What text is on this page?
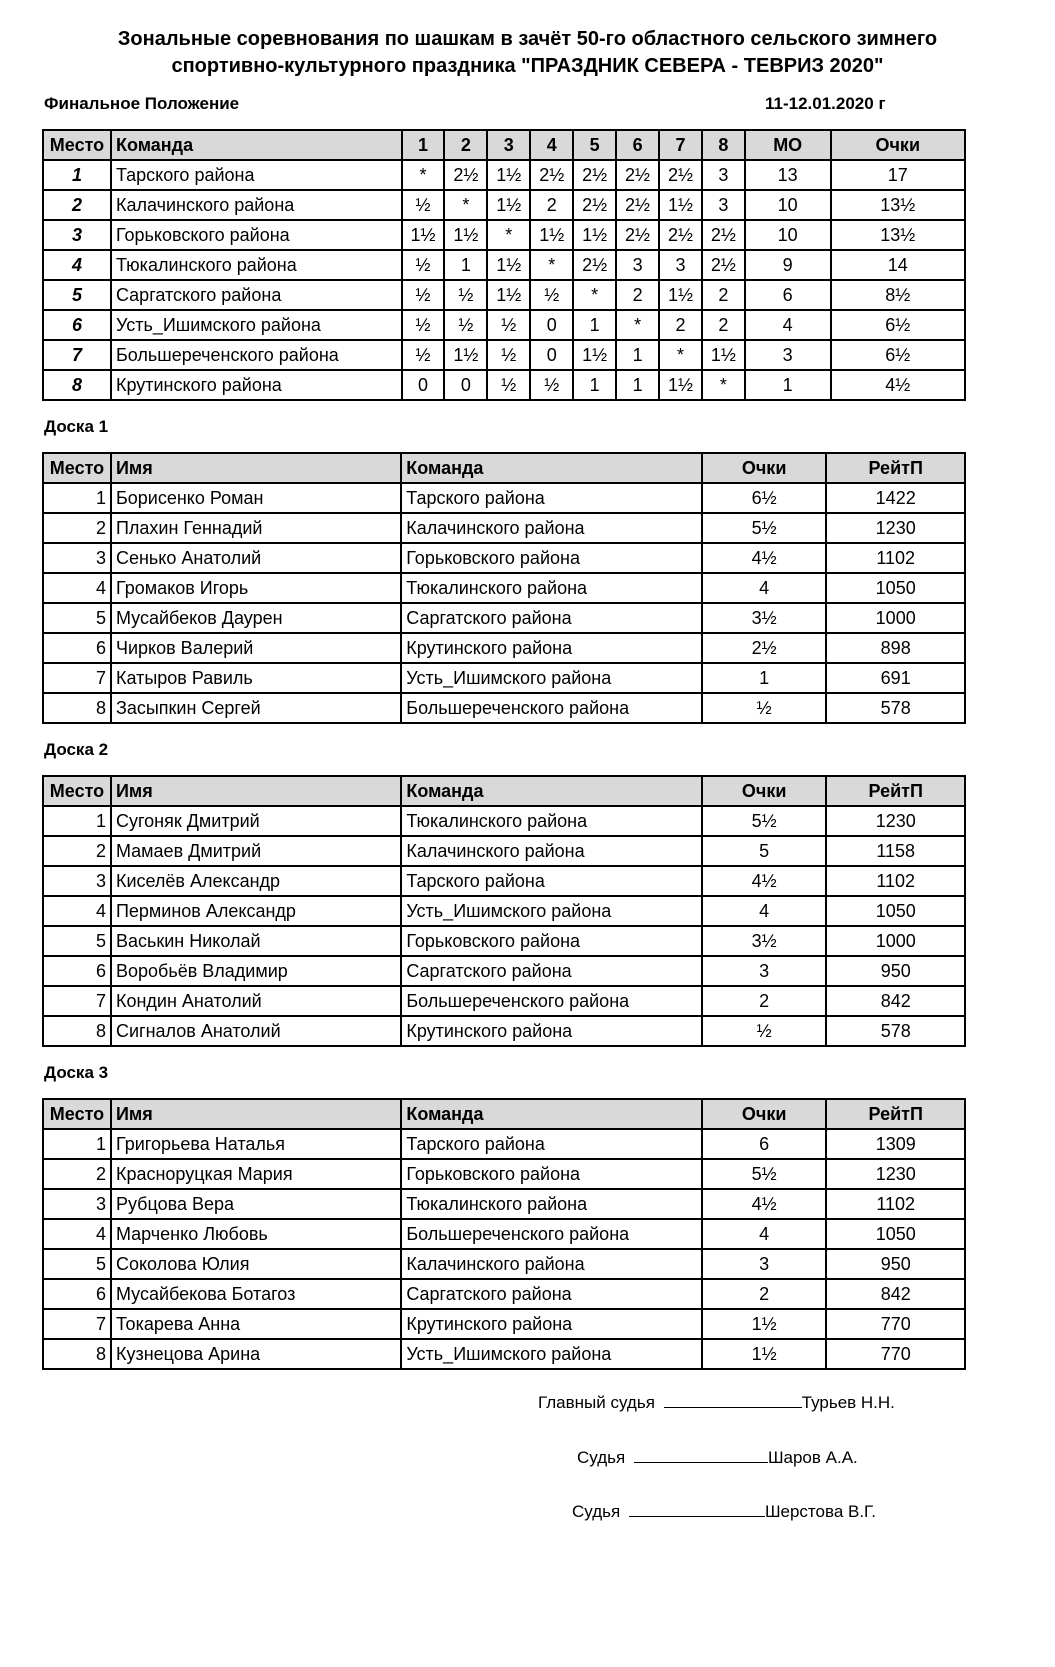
Зональные соревнования по шашкам в зачёт 50-го областного сельского зимнего
спортивно-культурного праздника "ПРАЗДНИК СЕВЕРА - ТЕВРИЗ 2020"
Финальное Положение	11-12.01.2020 г
Место	Команда	1	2	3	4	5	6	7	8	МО	Очки
1	Тарского района	*	2½	1½	2½	2½	2½	2½	3	13	17
2	Калачинского района	½	*	1½	2	2½	2½	1½	3	10	13½
3	Горьковского района	1½	1½	*	1½	1½	2½	2½	2½	10	13½
4	Тюкалинского района	½	1	1½	*	2½	3	3	2½	9	14
5	Саргатского района	½	½	1½	½	*	2	1½	2	6	8½
6	Усть_Ишимского района	½	½	½	0	1	*	2	2	4	6½
7	Большереченского района	½	1½	½	0	1½	1	*	1½	3	6½
8	Крутинского района	0	0	½	½	1	1	1½	*	1	4½
Доска 1
Место	Имя	Команда	Очки	РейтП
1	Борисенко Роман	Тарского района	6½	1422
2	Плахин Геннадий	Калачинского района	5½	1230
3	Сенько Анатолий	Горьковского района	4½	1102
4	Громаков Игорь	Тюкалинского района	4	1050
5	Мусайбеков Даурен	Саргатского района	3½	1000
6	Чирков Валерий	Крутинского района	2½	898
7	Катыров Равиль	Усть_Ишимского района	1	691
8	Засыпкин Сергей	Большереченского района	½	578
Доска 2
Место	Имя	Команда	Очки	РейтП
1	Сугоняк Дмитрий	Тюкалинского района	5½	1230
2	Мамаев Дмитрий	Калачинского района	5	1158
3	Киселёв Александр	Тарского района	4½	1102
4	Перминов Александр	Усть_Ишимского района	4	1050
5	Васькин Николай	Горьковского района	3½	1000
6	Воробьёв Владимир	Саргатского района	3	950
7	Кондин Анатолий	Большереченского района	2	842
8	Сигналов Анатолий	Крутинского района	½	578
Доска 3
Место	Имя	Команда	Очки	РейтП
1	Григорьева Наталья	Тарского района	6	1309
2	Красноруцкая Мария	Горьковского района	5½	1230
3	Рубцова Вера	Тюкалинского района	4½	1102
4	Марченко Любовь	Большереченского района	4	1050
5	Соколова Юлия	Калачинского района	3	950
6	Мусайбекова Ботагоз	Саргатского района	2	842
7	Токарева Анна	Крутинского района	1½	770
8	Кузнецова Арина	Усть_Ишимского района	1½	770
Главный судья	Турьев Н.Н.
Судья	Шаров А.А.
Судья	Шерстова В.Г.
